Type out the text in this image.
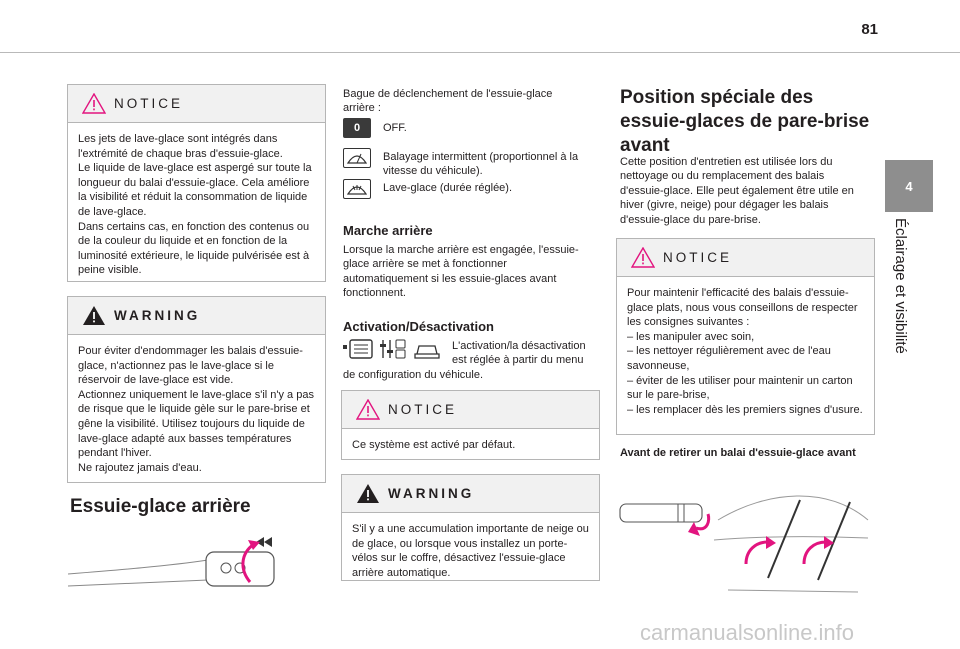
81
4
Éclairage et visibilité
NOTICE

Les jets de lave-glace sont intégrés dans l'extrémité de chaque bras d'essuie-glace.

Le liquide de lave-glace est aspergé sur toute la longueur du balai d'essuie-glace. Cela améliore la visibilité et réduit la consommation de liquide de lave-glace.

Dans certains cas, en fonction des contenus ou de la couleur du liquide et en fonction de la luminosité extérieure, le liquide pulvérisée est à peine visible.

WARNING

Pour éviter d'endommager les balais d'essuie-glace, n'actionnez pas le lave-glace si le réservoir de lave-glace est vide.

Actionnez uniquement le lave-glace s'il n'y a pas de risque que le liquide gèle sur le pare-brise et gêne la visibilité. Utilisez toujours du liquide de lave-glace adapté aux basses températures pendant l'hiver.

Ne rajoutez jamais d'eau.

Essuie-glace arrière
Bague de déclenchement de l'essuie-glace arrière :
0 OFF.
Balayage intermittent (proportionnel à la vitesse du véhicule).
Lave-glace (durée réglée).
Marche arrière
Lorsque la marche arrière est engagée, l'essuie-glace arrière se met à fonctionner automatiquement si les essuie-glaces avant fonctionnent.
Activation/Désactivation
L'activation/la désactivation est réglée à partir du menu
de configuration du véhicule.
NOTICE

Ce système est activé par défaut.

WARNING

S'il y a une accumulation importante de neige ou de glace, ou lorsque vous installez un porte-vélos sur le coffre, désactivez l'essuie-glace arrière automatique.

Position spéciale des essuie-glaces de pare-brise avant
Cette position d'entretien est utilisée lors du nettoyage ou du remplacement des balais d'essuie-glace. Elle peut également être utile en hiver (givre, neige) pour dégager les balais d'essuie-glace du pare-brise.
NOTICE

Pour maintenir l'efficacité des balais d'essuie-glace plats, nous vous conseillons de respecter les consignes suivantes :

– les manipuler avec soin,

– les nettoyer régulièrement avec de l'eau savonneuse,

– éviter de les utiliser pour maintenir un carton sur le pare-brise,

– les remplacer dès les premiers signes d'usure.

Avant de retirer un balai d'essuie-glace avant
carmanualsonline.info
